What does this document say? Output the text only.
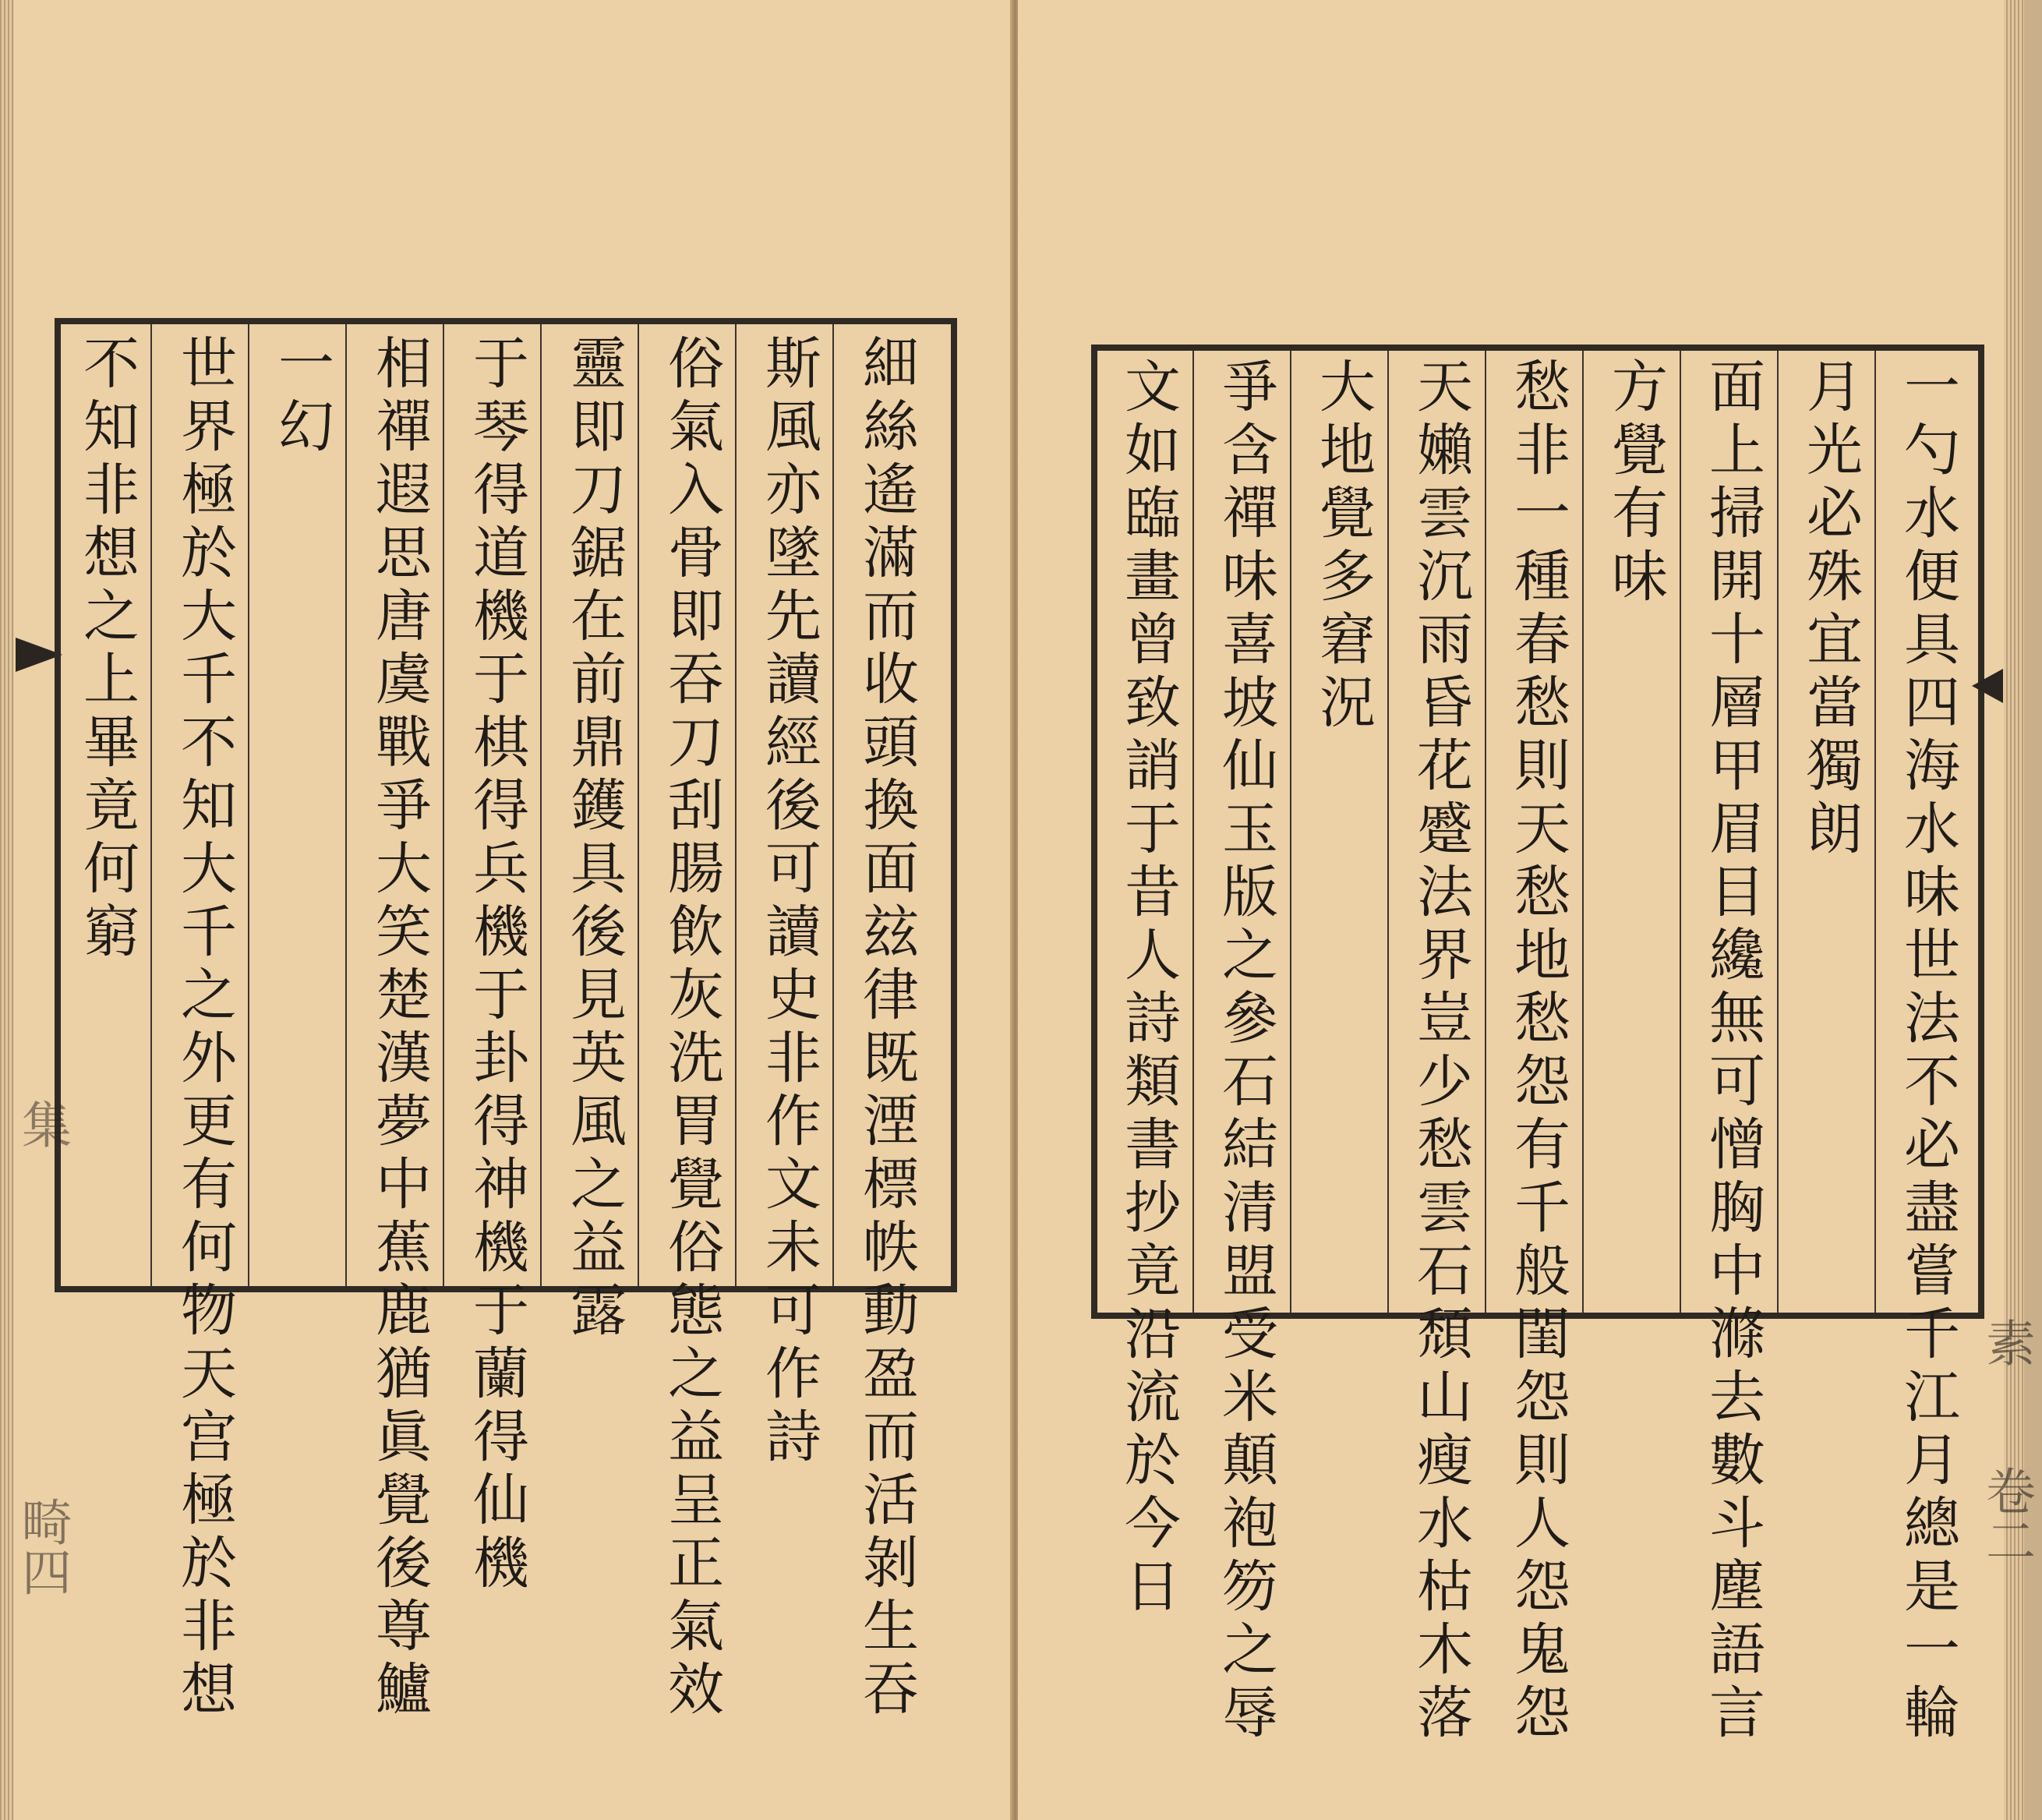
不知非想之上畢竟何窮 世界極於大千不知大千之外更有何物天宫極於非想 一幻 相禪遐思唐虞戰爭大笑楚漢夢中蕉鹿猶眞覺後尊鱸 于琴得道機于棋得兵機于卦得神機于蘭得仙機 靈即刀鋸在前鼎鑊具後見英風之益露 俗氣入骨即吞刀刮腸飲灰洗胃覺俗態之益呈正氣效 斯風亦墜先讀經後可讀史非作文未可作詩 細絲遙滿而收頭換面玆律既湮標帙動盈而活剝生吞
集
畸四	文如臨畫曾致誚于昔人詩類書抄竟沿流於今日 爭含禪味喜坡仙玉版之參石結清盟受米顛袍笏之辱 大地覺多窘況 天嬾雲沉雨昏花蹙法界豈少愁雲石頹山瘦水枯木落 愁非一種春愁則天愁地愁怨有千般閨怨則人怨鬼怨 方覺有味 面上掃開十層甲眉目纔無可憎胸中滌去數斗塵語言 月光必殊宜當獨朗 一勺水便具四海水味世法不必盡嘗千江月總是一輪 素
卷二
